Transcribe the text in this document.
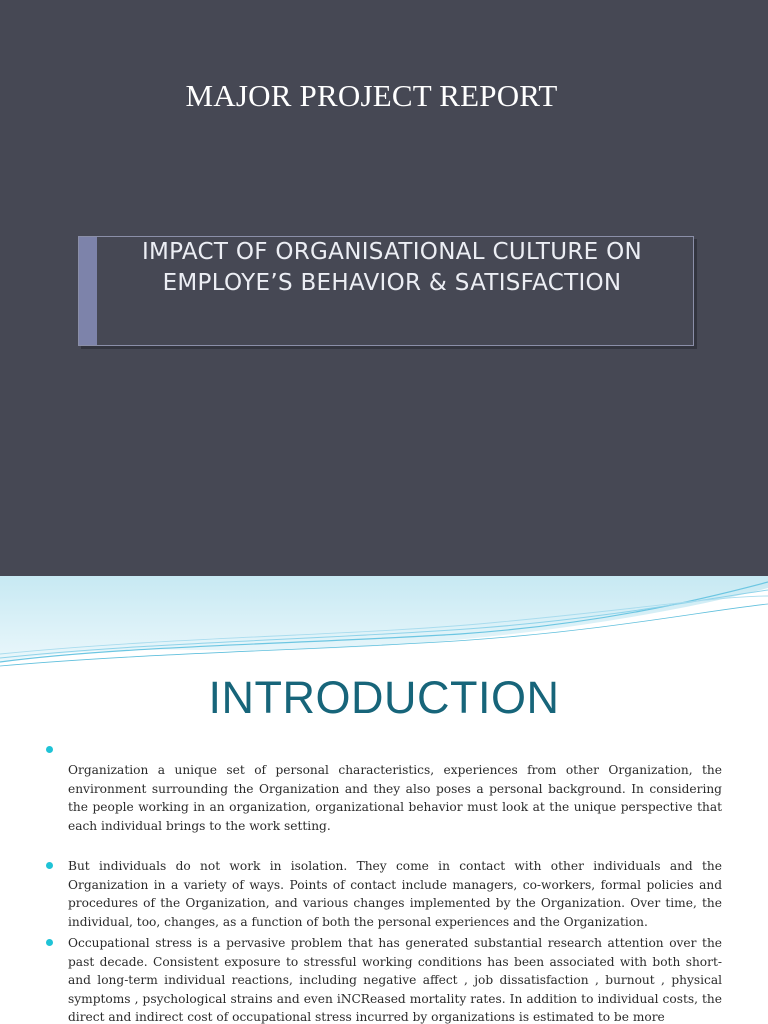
MAJOR PROJECT REPORT
IMPACT OF ORGANISATIONAL CULTURE ON
EMPLOYE’S BEHAVIOR & SATISFACTION
INTRODUCTION
Organization a unique set of personal characteristics, experiences from other Organization, the environment surrounding the Organization and they also poses a personal background. In considering the people working in an organization, organizational behavior must look at the unique perspective that each individual brings to the work setting.
But individuals do not work in isolation. They come in contact with other individuals and the Organization in a variety of ways. Points of contact include managers, co-workers, formal policies and procedures of the Organization, and various changes implemented by the Organization. Over time, the individual, too, changes, as a function of both the personal experiences and the Organization.
Occupational stress is a pervasive problem that has generated substantial research attention over the past decade. Consistent exposure to stressful working conditions has been associated with both short-and long-term individual reactions, including negative affect , job dissatisfaction , burnout , physical symptoms , psychological strains and even iNCReased mortality rates. In addition to individual costs, the direct and indirect cost of occupational stress incurred by organizations is estimated to be more
